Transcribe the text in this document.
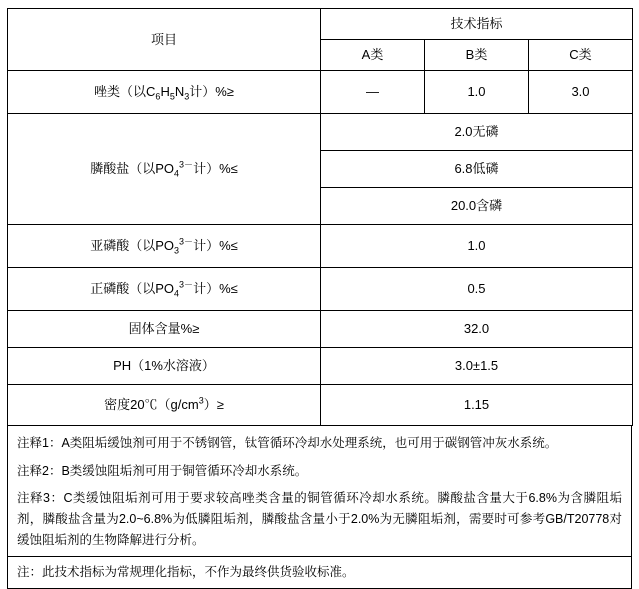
项目	技术指标		
	A类	B类	C类
唑类（以$C_6H_5N_3$计）%≥	—	1.0	3.0
膦酸盐（以$PO_4^{3-}$计）%≤	2.0无磷		
	6.8低磷		
	20.0含磷		
亚磷酸（以$PO_3^{3-}$计）%≤	1.0		
正磷酸（以$PO_4^{3-}$计）%≤	0.5		
固体含量%≥	32.0		
PH（1%水溶液）	3.0±1.5		
密度$20℃(g/cm^3)\ge$	1.15		

注释1：A类阻垢缓蚀剂可用于不锈钢管，钛管循环冷却水处理系统，也可用于碳钢管冲灰水系统。

注释2：B类缓蚀阻垢剂可用于铜管循环冷却水系统。

注释3：C类缓蚀阻垢剂可用于要求较高唑类含量的铜管循环冷却水系统。膦酸盐含量大于6.8%为含膦阻垢剂，膦酸盐含量为2.0~6.8%为低膦阻垢剂，膦酸盐含量小于2.0%为无膦阻垢剂，需要时可参考GB/T20778对缓蚀阻垢剂的生物降解进行分析。

注：此技术指标为常规理化指标，不作为最终供货验收标准。
